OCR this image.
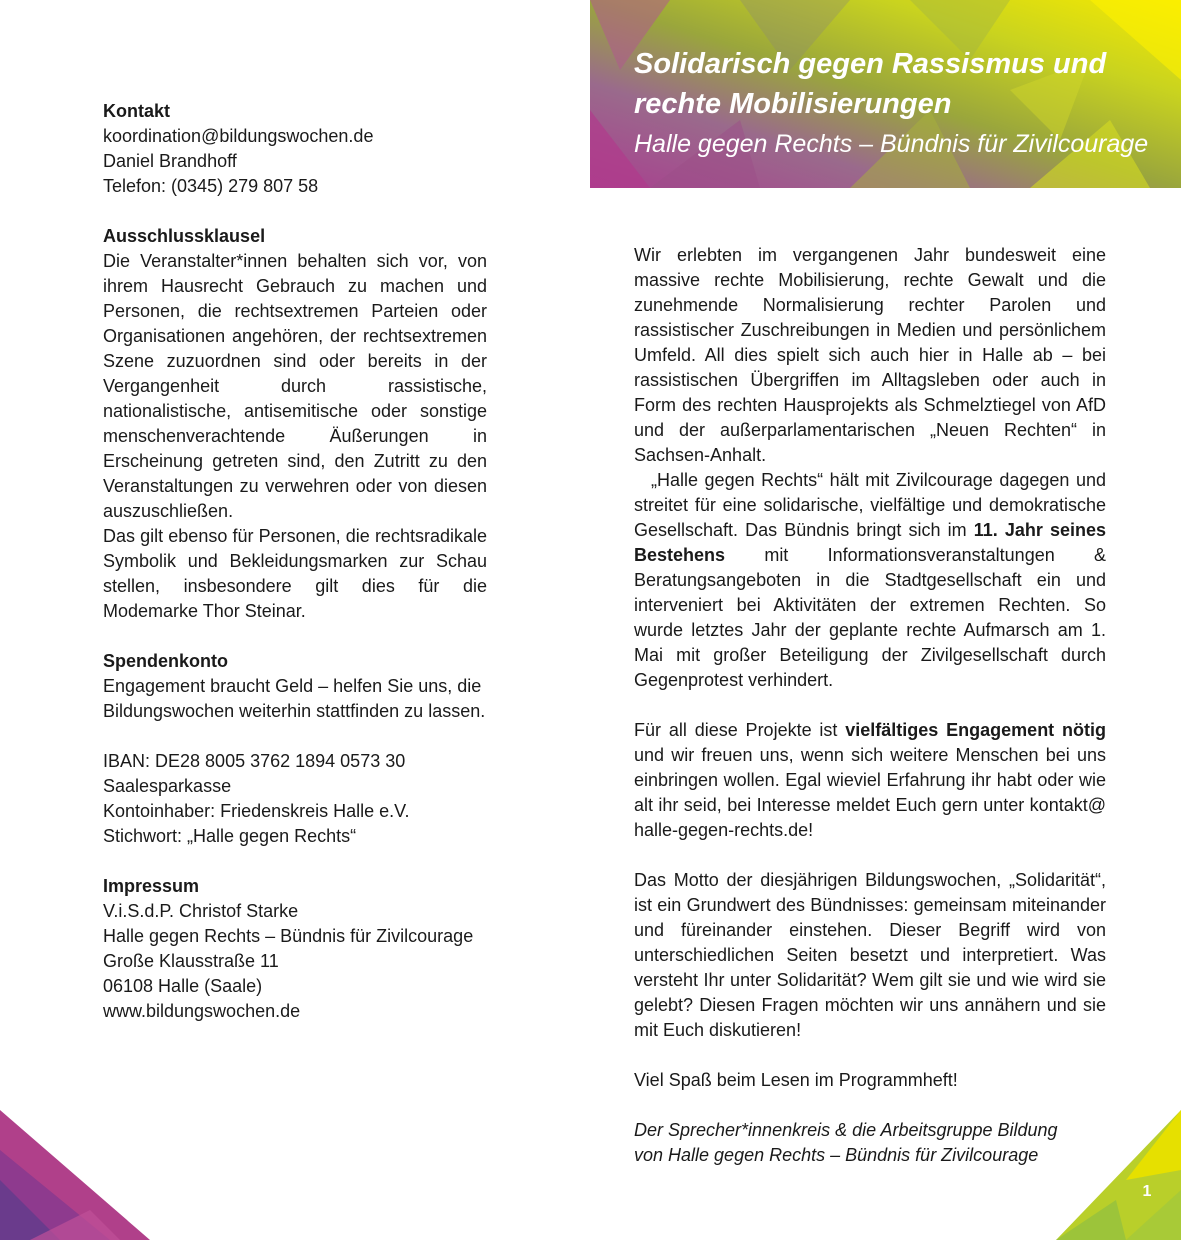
Kontakt
koordination@bildungswochen.de
Daniel Brandhoff
Telefon: (0345) 279 807 58
Ausschlussklausel
Die Veranstalter*innen behalten sich vor, von ihrem Hausrecht Gebrauch zu machen und Personen, die rechtsextremen Parteien oder Organisationen angehören, der rechtsextremen Szene zuzuordnen sind oder bereits in der Vergangenheit durch rassistische, nationalistische, antisemitische oder sonstige menschenverachtende Äußerungen in Erscheinung getreten sind, den Zutritt zu den Veranstaltungen zu verwehren oder von diesen auszuschließen.
Das gilt ebenso für Personen, die rechtsradikale Symbolik und Bekleidungsmarken zur Schau stellen, insbesondere gilt dies für die Modemarke Thor Steinar.
Spendenkonto
Engagement braucht Geld – helfen Sie uns, die Bildungswochen weiterhin stattfinden zu lassen.
IBAN: DE28 8005 3762 1894 0573 30
Saalesparkasse
Kontoinhaber: Friedenskreis Halle e.V.
Stichwort: „Halle gegen Rechts“
Impressum
V.i.S.d.P. Christof Starke
Halle gegen Rechts – Bündnis für Zivilcourage
Große Klausstraße 11
06108 Halle (Saale)
www.bildungswochen.de
Solidarisch gegen Rassismus und
rechte Mobilisierungen
Halle gegen Rechts – Bündnis für Zivilcourage

Wir erlebten im vergangenen Jahr bundesweit eine massive rechte Mobilisierung, rechte Gewalt und die zunehmende Normalisierung rechter Parolen und rassistischer Zuschreibungen in Medien und persönlichem Umfeld. All dies spielt sich auch hier in Halle ab – bei rassistischen Übergriffen im Alltagsleben oder auch in Form des rechten Hausprojekts als Schmelztiegel von AfD und der außerparlamentarischen „Neuen Rechten“ in Sachsen-Anhalt.

„Halle gegen Rechts“ hält mit Zivilcourage dagegen und streitet für eine solidarische, vielfältige und demokratische Gesellschaft. Das Bündnis bringt sich im 11. Jahr seines Bestehens mit Informationsveranstaltungen & Beratungsangeboten in die Stadtgesellschaft ein und interveniert bei Aktivitäten der extremen Rechten. So wurde letztes Jahr der geplante rechte Aufmarsch am 1. Mai mit großer Beteiligung der Zivilgesellschaft durch Gegenprotest verhindert.

Für all diese Projekte ist vielfältiges Engagement nötig und wir freuen uns, wenn sich weitere Menschen bei uns einbringen wollen. Egal wieviel Erfahrung ihr habt oder wie alt ihr seid, bei Interesse meldet Euch gern unter kontakt@ halle-gegen-rechts.de!

Das Motto der diesjährigen Bildungswochen, „Solidarität“, ist ein Grundwert des Bündnisses: gemeinsam miteinander und füreinander einstehen. Dieser Begriff wird von unterschiedlichen Seiten besetzt und interpretiert. Was versteht Ihr unter Solidarität? Wem gilt sie und wie wird sie gelebt? Diesen Fragen möchten wir uns annähern und sie mit Euch diskutieren!

Viel Spaß beim Lesen im Programmheft!

Der Sprecher*innenkreis & die Arbeitsgruppe Bildung
von Halle gegen Rechts – Bündnis für Zivilcourage
1
